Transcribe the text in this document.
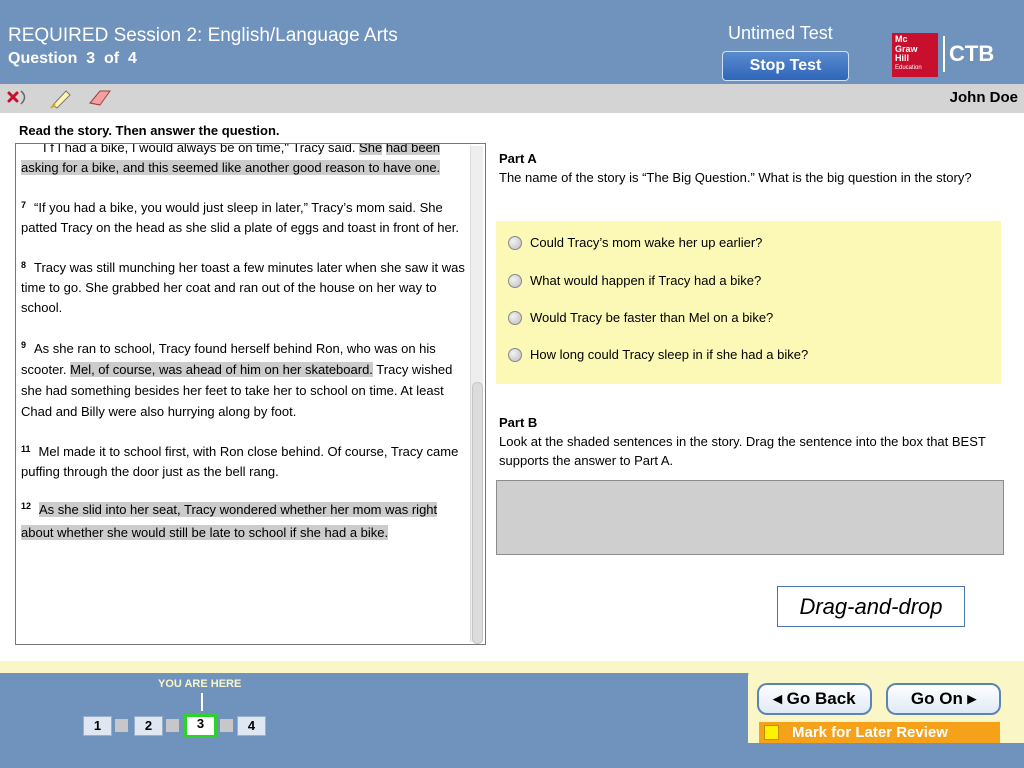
REQUIRED Session 2: English/Language Arts
Question 3 of 4
Untimed Test
Stop Test
Mc
Graw
Hill
Education
CTB
John Doe
Read the story. Then answer the question.
I f I had a bike, I would always be on time," Tracy said. She had been asking for a bike, and this seemed like another good reason to have one.
$^7$ “If you had a bike, you would just sleep in later,” Tracy’s mom said. She patted Tracy on the head as she slid a plate of eggs and toast in front of her.
$^8$ Tracy was still munching her toast a few minutes later when she saw it was time to go. She grabbed her coat and ran out of the house on her way to school.
$^9$ As she ran to school, Tracy found herself behind Ron, who was on his scooter. Mel, of course, was ahead of him on her skateboard. Tracy wished she had something besides her feet to take her to school on time. At least Chad and Billy were also hurrying along by foot.
$^{11}$ Mel made it to school first, with Ron close behind. Of course, Tracy came puffing through the door just as the bell rang.
$^{12}$ As she slid into her seat, Tracy wondered whether her mom was right about whether she would still be late to school if she had a bike.
Part A
The name of the story is “The Big Question.” What is the big question in the story?
Could Tracy’s mom wake her up earlier?
What would happen if Tracy had a bike?
Would Tracy be faster than Mel on a bike?
How long could Tracy sleep in if she had a bike?
Part B
Look at the shaded sentences in the story. Drag the sentence into the box that BEST supports the answer to Part A.
Drag-and-drop
YOU ARE HERE
1	2	3	4
◂ Go Back	Go On ▸
Mark for Later Review
